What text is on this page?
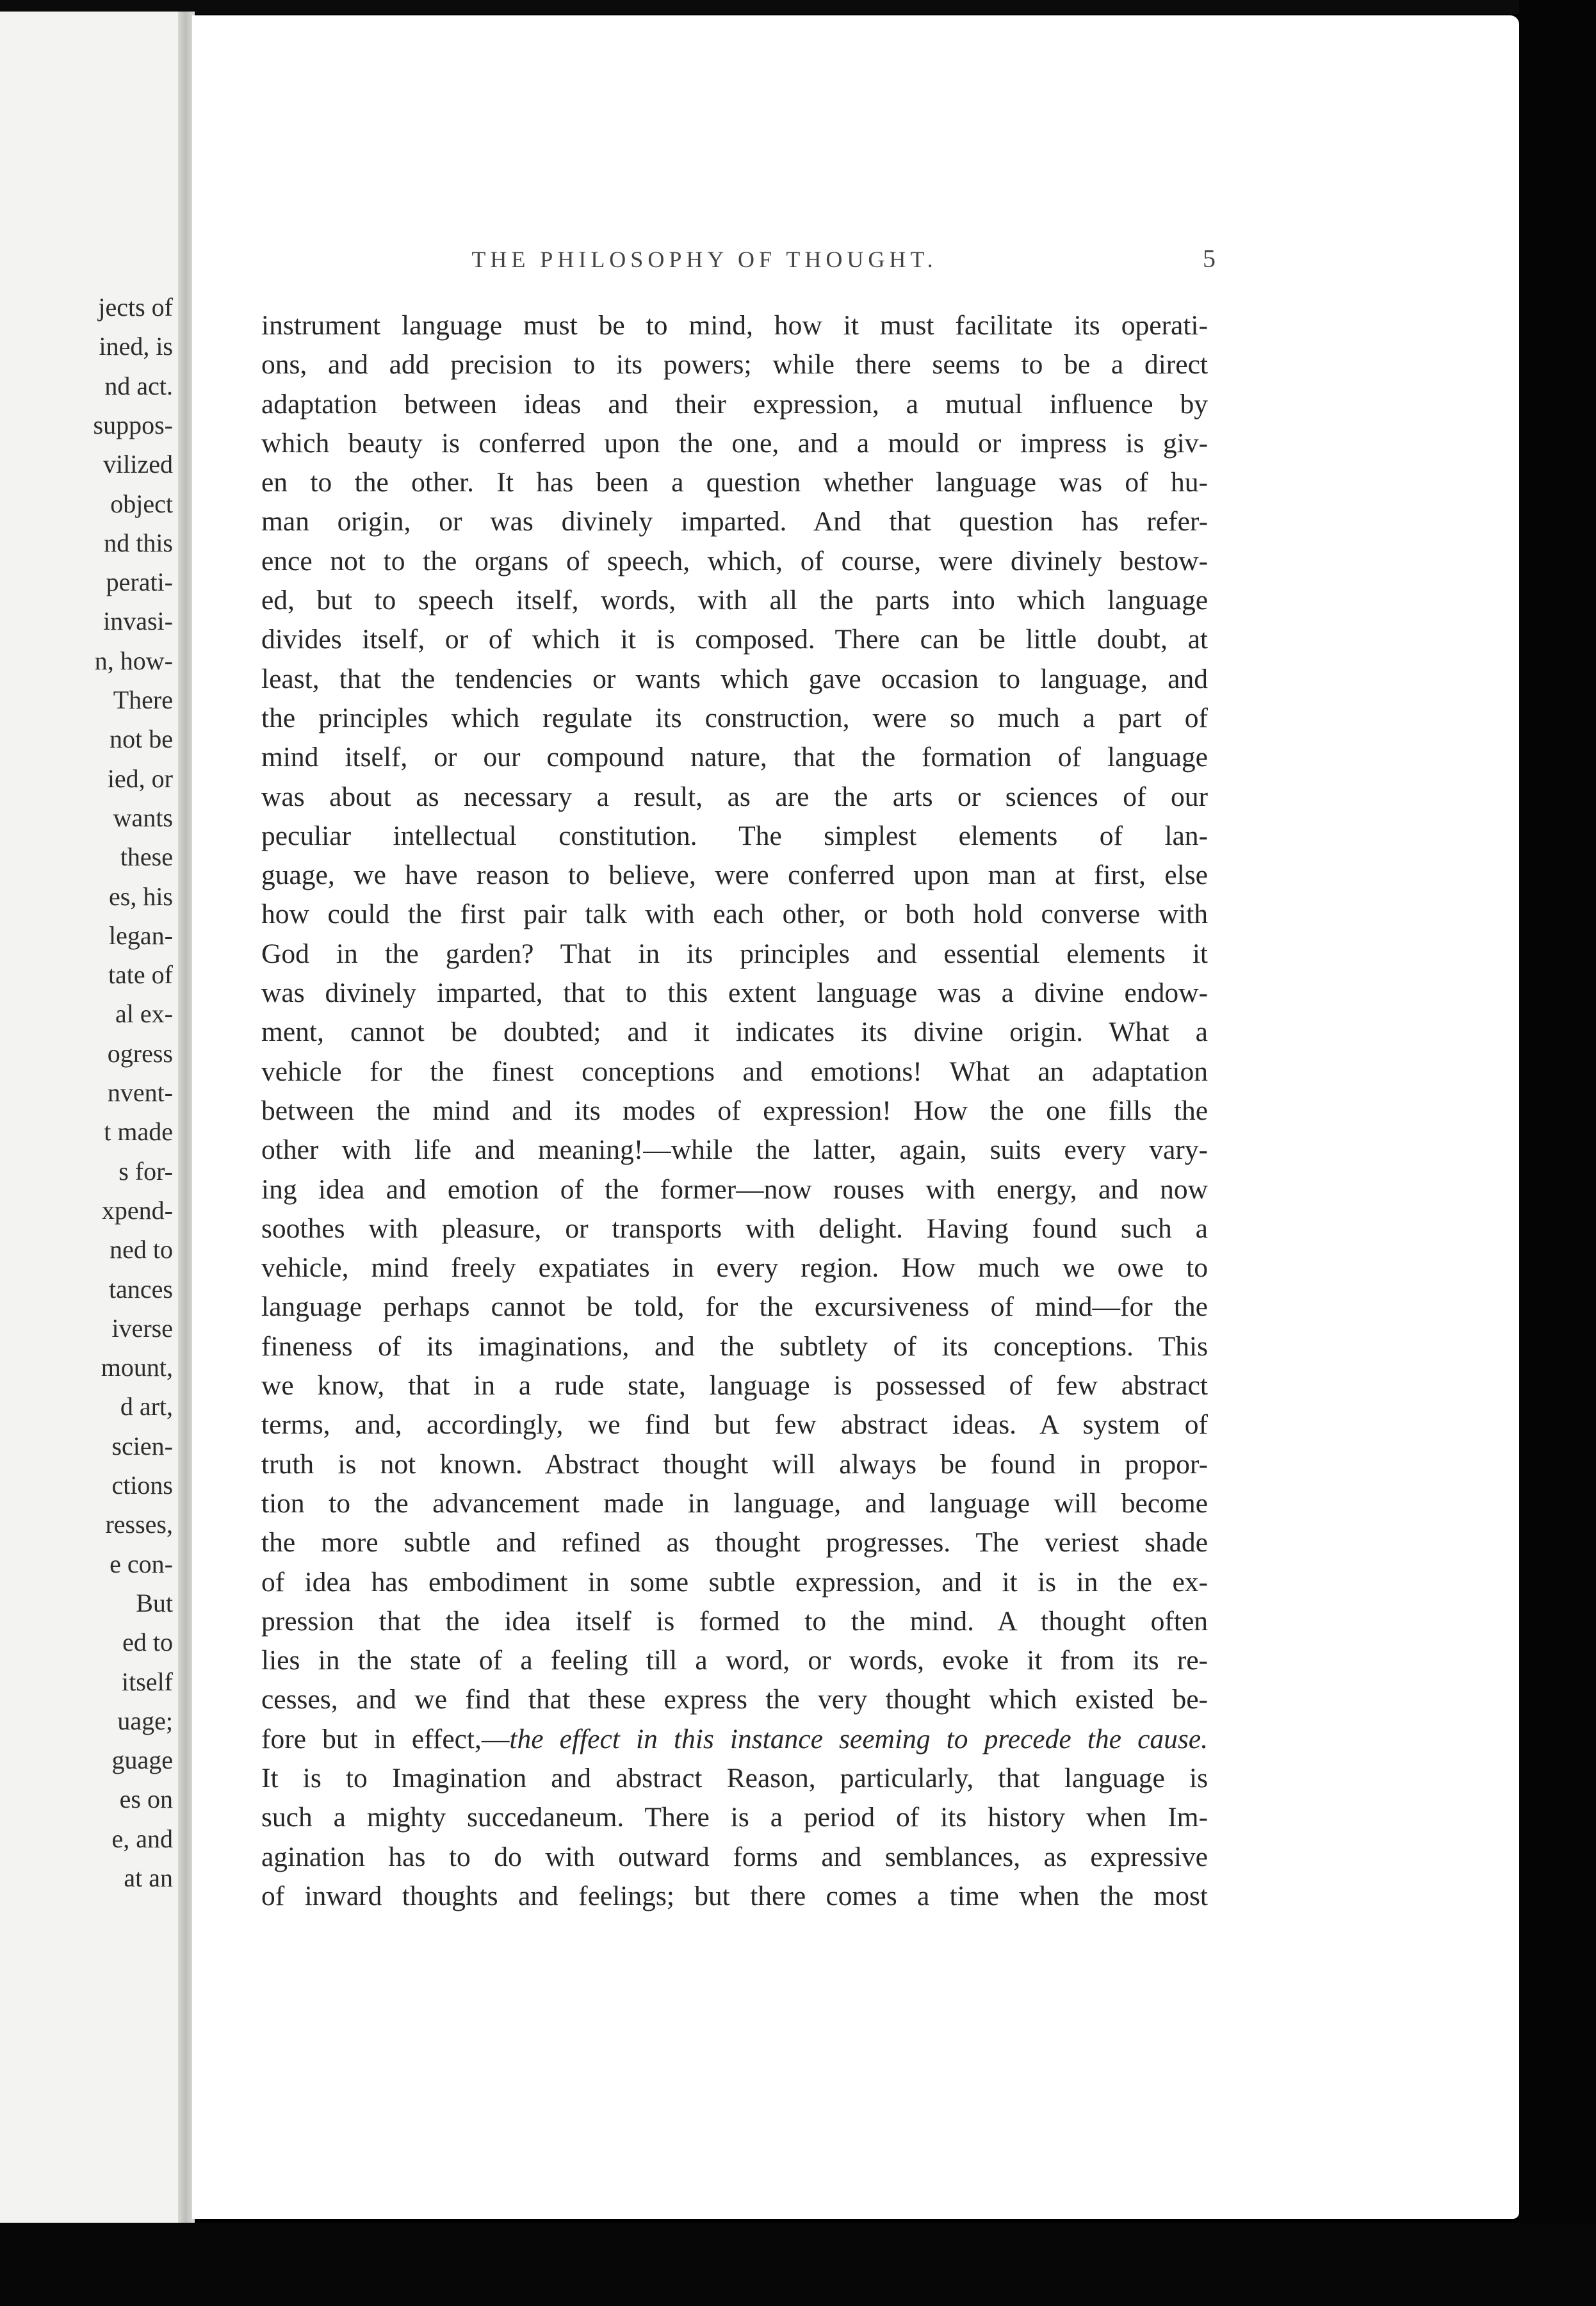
jects of
ined, is
nd act.
suppos-
vilized
object
nd this
perati-
invasi-
n, how-
There
not be
ied, or
wants
these
es, his
legan-
tate of
al ex-
ogress
nvent-
t made
s for-
xpend-
ned to
tances
iverse
mount,
d art,
scien-
ctions
resses,
e con-
But
ed to
itself
uage;
guage
es on
e, and
at an
THE PHILOSOPHY OF THOUGHT.	5
instrument language must be to mind, how it must facilitate its operati-
ons, and add precision to its powers; while there seems to be a direct
adaptation between ideas and their expression, a mutual influence by
which beauty is conferred upon the one, and a mould or impress is giv-
en to the other. It has been a question whether language was of hu-
man origin, or was divinely imparted. And that question has refer-
ence not to the organs of speech, which, of course, were divinely bestow-
ed, but to speech itself, words, with all the parts into which language
divides itself, or of which it is composed. There can be little doubt, at
least, that the tendencies or wants which gave occasion to language, and
the principles which regulate its construction, were so much a part of
mind itself, or our compound nature, that the formation of language
was about as necessary a result, as are the arts or sciences of our
peculiar intellectual constitution. The simplest elements of lan-
guage, we have reason to believe, were conferred upon man at first, else
how could the first pair talk with each other, or both hold converse with
God in the garden? That in its principles and essential elements it
was divinely imparted, that to this extent language was a divine endow-
ment, cannot be doubted; and it indicates its divine origin. What a
vehicle for the finest conceptions and emotions! What an adaptation
between the mind and its modes of expression! How the one fills the
other with life and meaning!—while the latter, again, suits every vary-
ing idea and emotion of the former—now rouses with energy, and now
soothes with pleasure, or transports with delight. Having found such a
vehicle, mind freely expatiates in every region. How much we owe to
language perhaps cannot be told, for the excursiveness of mind—for the
fineness of its imaginations, and the subtlety of its conceptions. This
we know, that in a rude state, language is possessed of few abstract
terms, and, accordingly, we find but few abstract ideas. A system of
truth is not known. Abstract thought will always be found in propor-
tion to the advancement made in language, and language will become
the more subtle and refined as thought progresses. The veriest shade
of idea has embodiment in some subtle expression, and it is in the ex-
pression that the idea itself is formed to the mind. A thought often
lies in the state of a feeling till a word, or words, evoke it from its re-
cesses, and we find that these express the very thought which existed be-
fore but in effect,—the effect in this instance seeming to precede the cause.
It is to Imagination and abstract Reason, particularly, that language is
such a mighty succedaneum. There is a period of its history when Im-
agination has to do with outward forms and semblances, as expressive
of inward thoughts and feelings; but there comes a time when the most
